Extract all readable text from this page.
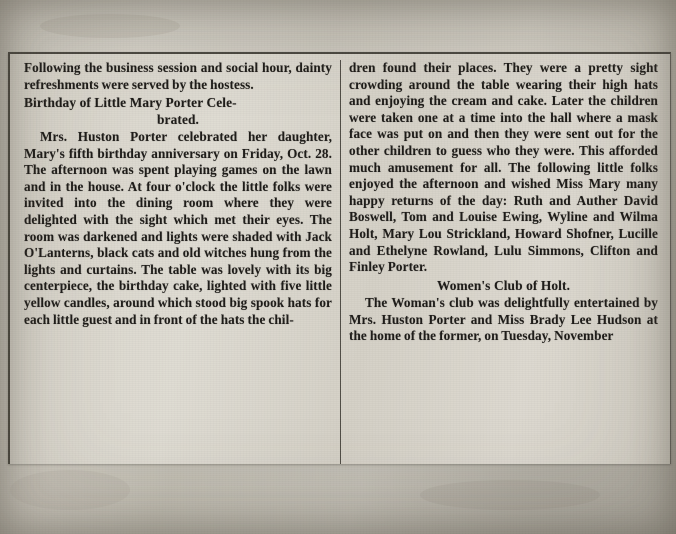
Following the business session and social hour, dainty refreshments were served by the hostess.

Birthday of Little Mary Porter Cele-
brated.

Mrs. Huston Porter celebrated her daughter, Mary's fifth birthday anniversary on Friday, Oct. 28. The afternoon was spent playing games on the lawn and in the house. At four o'clock the little folks were invited into the dining room where they were delighted with the sight which met their eyes. The room was darkened and lights were shaded with Jack O'Lanterns, black cats and old witches hung from the lights and curtains. The table was lovely with its big centerpiece, the birthday cake, lighted with five little yellow candles, around which stood big spook hats for each little guest and in front of the hats the chil-

dren found their places. They were a pretty sight crowding around the table wearing their high hats and enjoying the cream and cake. Later the children were taken one at a time into the hall where a mask face was put on and then they were sent out for the other children to guess who they were. This afforded much amusement for all. The following little folks enjoyed the afternoon and wished Miss Mary many happy returns of the day: Ruth and Auther David Boswell, Tom and Louise Ewing, Wyline and Wilma Holt, Mary Lou Strickland, Howard Shofner, Lucille and Ethelyne Rowland, Lulu Simmons, Clifton and Finley Porter.

Women's Club of Holt.

The Woman's club was delightfully entertained by Mrs. Huston Porter and Miss Brady Lee Hudson at the home of the former, on Tuesday, November
